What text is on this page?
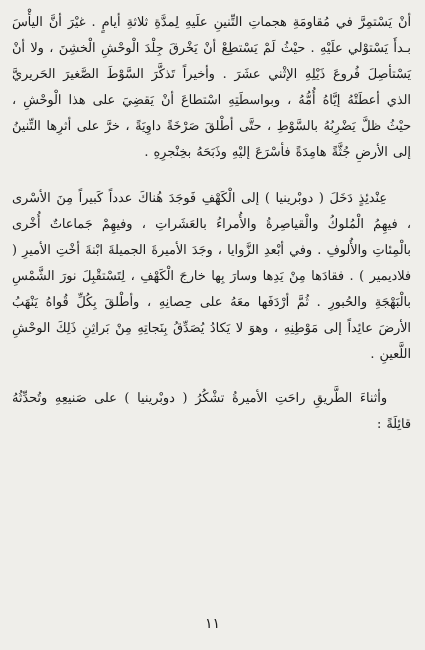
أنْ يَسْتمِرَّ في مُقاومَةِ هجماتِ التِّنينِ علَيهِ لِمدَّةِ ثلاثةِ أيامٍ . غيْرَ أنَّ اليأْسَ بـدأَ يَسْتوْلي علَيْهِ . حيْثُ لَمْ يَسْتطِعْ أنْ يَخْرقَ جِلْدَ الْوحْشِ الْخشِنَ ، ولا أنْ يَسْتأصِلَ فُروعَ ذَيْلِهِ الإثْني عشَرَ . وأخيراً تَذكَّرَ السَّوْطَ الصَّغيرَ الحَريريَّ الذي أعطَتْهُ إيَّاهُ أُمُّهُ ، وبواسطَتِهِ اسْتطاعَ أنْ يَقضِيَ على هذا الْوحْشِ ، حيْثُ ظلَّ يَضْرِبُهُ بالسَّوْطِ ، حتَّى أطْلقَ صَرْخَةً داوِيَةً ، خرَّ على أثرِها التِّنينُ إلى الأرضِ جُثَّةً هامِدَةً فأسْرَعَ إليْهِ وذَبَحَهُ بخِنْجرِهِ .

عِنْدئِذٍ دَخَلَ ( دوبْرينيا ) إلى الْكَهْفِ فَوجَدَ هُناكَ عدداً كَبيراً مِنَ الأسْرى ، فيهِمُ الْمُلوكُ والْقياصِرةُ والأُمراءُ بالعَشَراتِ ، وفيهِمْ جَماعاتٌ أُخْرى بالْمِئاتِ والأُلوفِ . وفي أبْعدِ الزَّوايا ، وجَدَ الأميرةَ الجميلةَ ابْنةَ أخْتِ الأميرِ ( فلاديمير ) . فقادَها مِنْ يَدِها وسارَ بِها خارجَ الْكَهْفِ ، لِتَسْتقْبِلَ نورَ الشَّمْسِ بالْبَهْجَةِ والحُبورِ . ثُمَّ أرْدَفَها معَهُ على حِصانِهِ ، وأطْلقَ بِكُلِّ قُواهُ يَنْهَبُ الأرضَ عائِداً إلى مَوْطِنِهِ ، وهوَ لا يَكادُ يُصَدِّقُ بِنَجاتِهِ مِنْ بَراثِنِ ذَلِكَ الوحْشِ اللَّعينِ .

وأثناءَ الطَّريقِ راحَتِ الأميرةُ تشْكُرُ ( دوبْرينيا ) على صَنيعِهِ وتُحدِّثُهُ قائِلَةً :

١١
